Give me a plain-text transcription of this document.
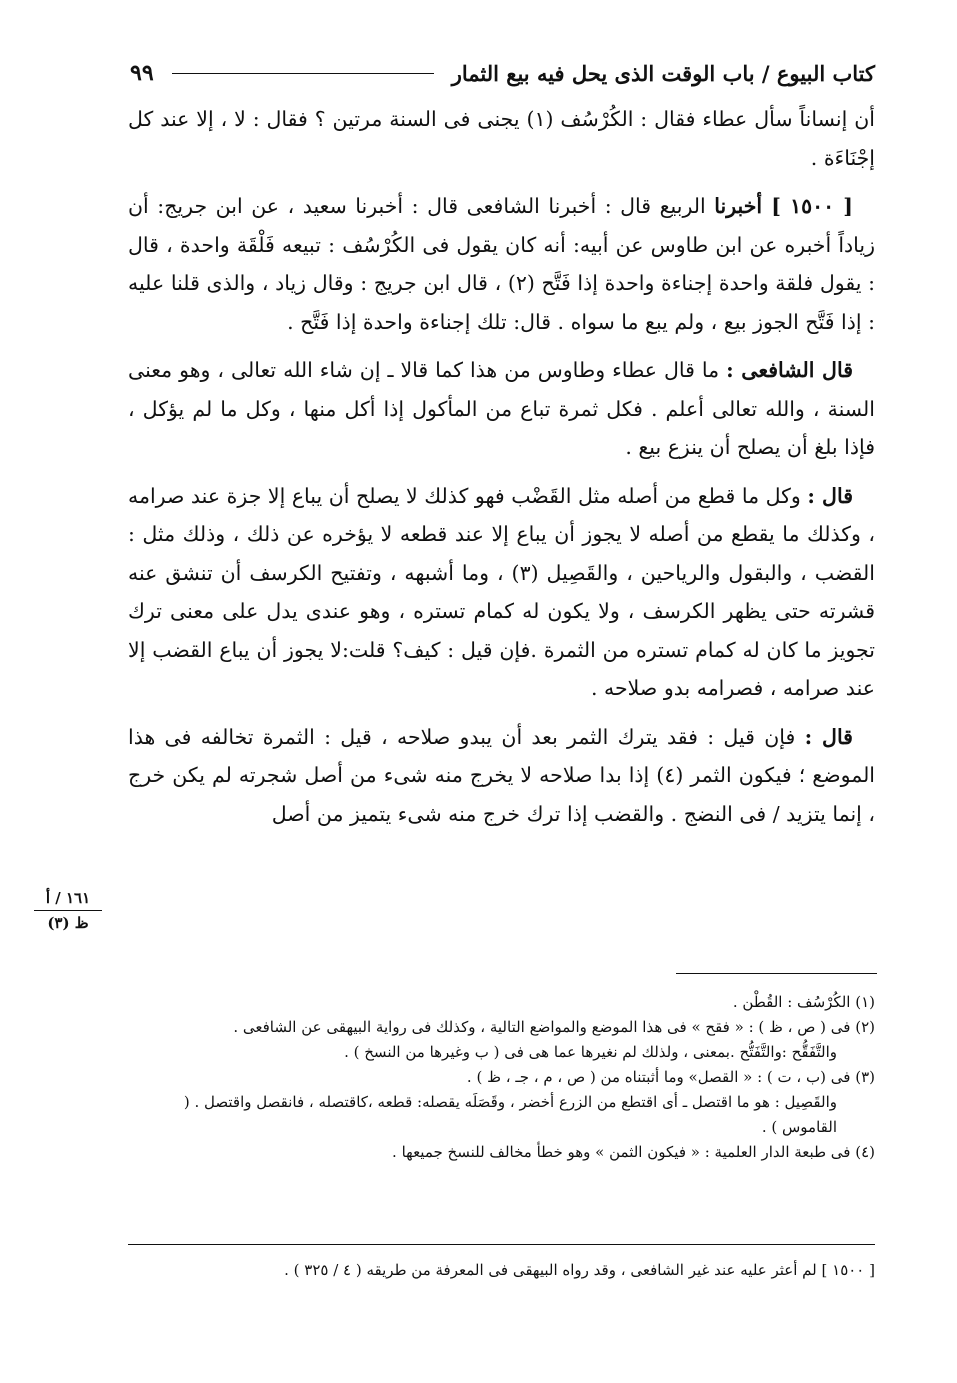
كتاب البيوع / باب الوقت الذى يحل فيه بيع الثمار
٩٩

أن إنساناً سأل عطاء فقال : الكُرْسُف (١) يجنى فى السنة مرتين ؟ فقال : لا ، إلا عند كل إجْنَاءَة .

[ ١٥٠٠ ] أخبرنا الربيع قال : أخبرنا الشافعى قال : أخبرنا سعيد ، عن ابن جريج: أن زياداً أخبره عن ابن طاوس عن أبيه: أنه كان يقول فى الكُرْسُف : تبيعه فَلْقَة واحدة ، قال : يقول فلقة واحدة إجناءة واحدة إذا فَتَّح (٢) ، قال ابن جريج : وقال زياد ، والذى قلنا عليه : إذا فَتَّح الجوز بيع ، ولم يبع ما سواه . قال: تلك إجناءة واحدة إذا فَتَّح .

قال الشافعى : ما قال عطاء وطاوس من هذا كما قالا ـ إن شاء الله تعالى ، وهو معنى السنة ، والله تعالى أعلم . فكل ثمرة تباع من المأكول إذا أكل منها ، وكل ما لم يؤكل ، فإذا بلغ أن يصلح أن ينزع بيع .

قال : وكل ما قطع من أصله مثل القَضْب فهو كذلك لا يصلح أن يباع إلا جزة عند صرامه ، وكذلك ما يقطع من أصله لا يجوز أن يباع إلا عند قطعه لا يؤخره عن ذلك ، وذلك مثل : القضب ، والبقول والرياحين ، والقَصِيل (٣) ، وما أشبهه ، وتفتيح الكرسف أن تنشق عنه قشرته حتى يظهر الكرسف ، ولا يكون له كمام تستره ، وهو عندى يدل على معنى ترك تجويز ما كان له كمام تستره من الثمرة .فإن قيل : كيف؟ قلت:لا يجوز أن يباع القضب إلا عند صرامه ، فصرامه بدو صلاحه .

قال : فإن قيل : فقد يترك الثمر بعد أن يبدو صلاحه ، قيل : الثمرة تخالفه فى هذا الموضع ؛ فيكون الثمر (٤) إذا بدا صلاحه لا يخرج منه شىء من أصل شجرته لم يكن خرج ، إنما يتزيد / فى النضج . والقضب إذا ترك خرج منه شىء يتميز من أصل

١٦١ / أ
ظ (٣)

(١) الكُرْسُف : القُطْن .

(٢) فى ( ص ، ظ ) : « فقح » فى هذا الموضع والمواضع التالية ، وكذلك فى رواية البيهقى عن الشافعى .

والتَّفَقُّح :والتَّفَتُّح .بمعنى ، ولذلك لم نغيرها عما هى فى ( ب وغيرها من النسخ ) .

(٣) فى (ب ، ت ) : « القصل» وما أثبتناه من ( ص ، م ، جـ ، ظ ) .

والقَصِيل : هو ما اقتصل ـ أى اقتطع من الزرع أخضر ، وقَصَلَه يقصله: قطعه ،كاقتصله ، فانقصل واقتصل . ( القاموس ) .

(٤) فى طبعة الدار العلمية : « فيكون الثمن » وهو خطأ مخالف للنسخ جميعها .

[ ١٥٠٠ ] لم أعثر عليه عند غير الشافعى ، وقد رواه البيهقى فى المعرفة من طريقه ( ٤ / ٣٢٥ ) .
